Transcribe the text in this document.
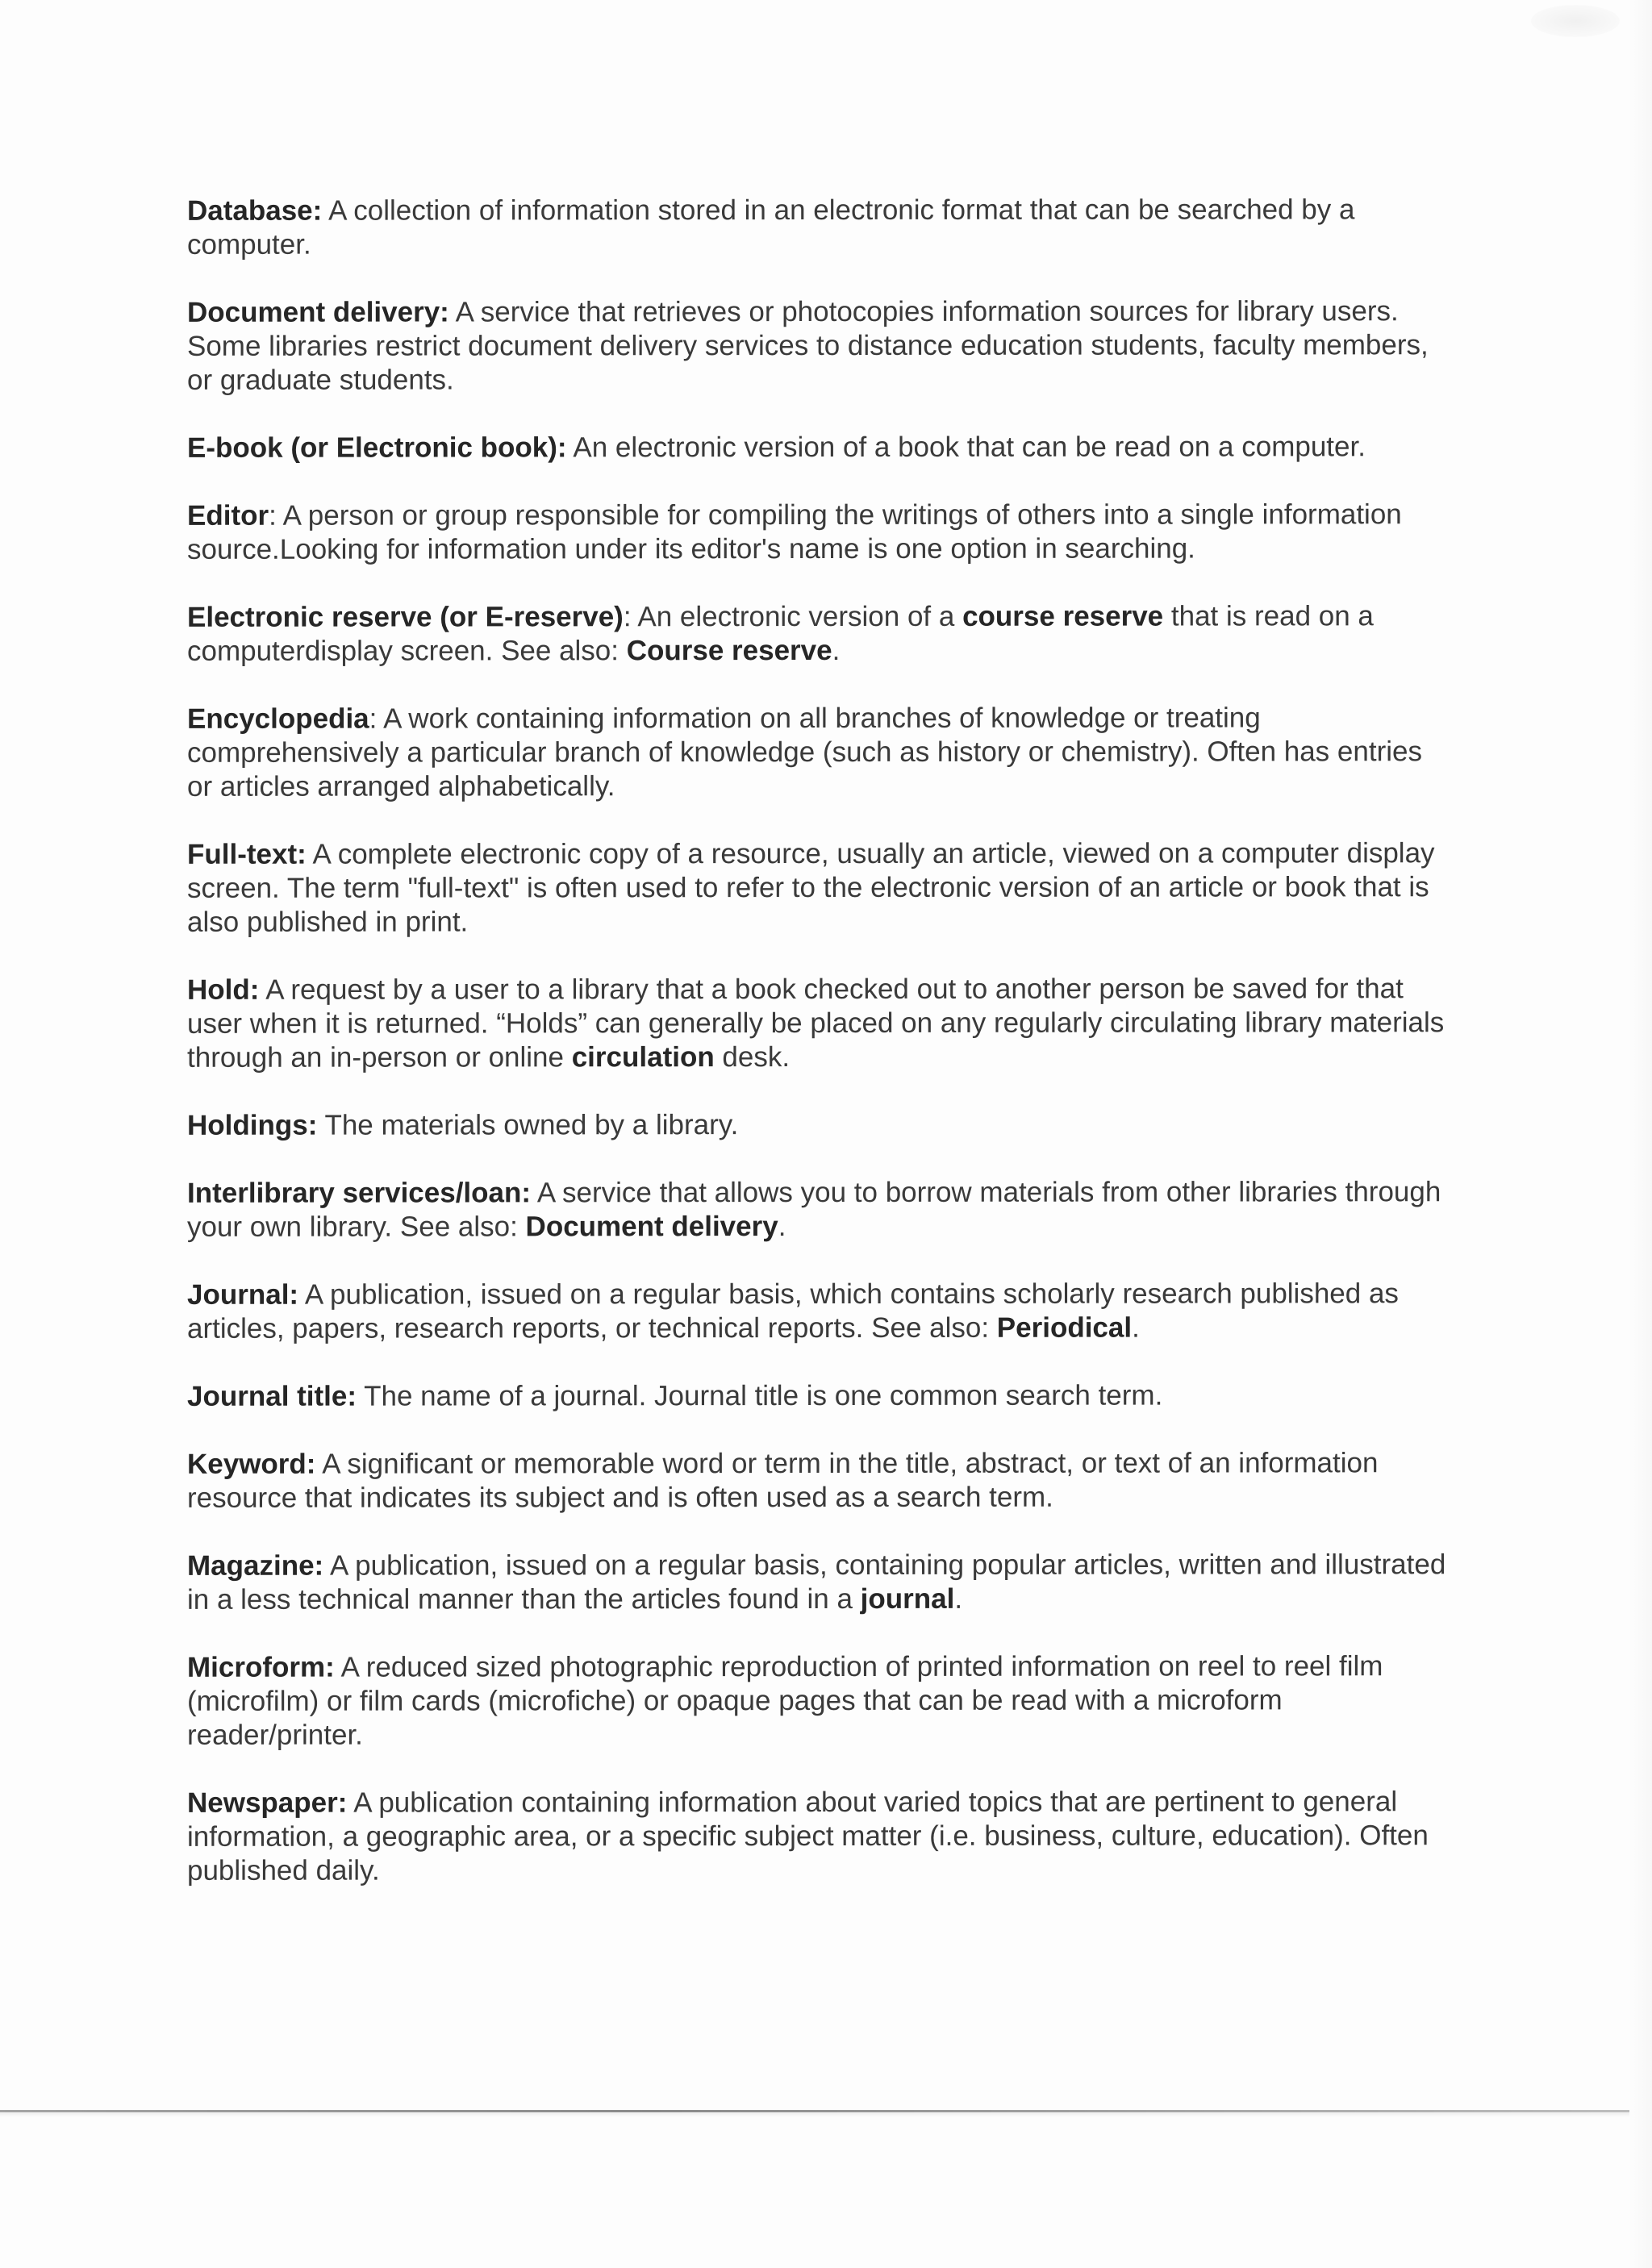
Database: A collection of information stored in an electronic format that can be searched by a computer.

Document delivery: A service that retrieves or photocopies information sources for library users. Some libraries restrict document delivery services to distance education students, faculty members, or graduate students.

E-book (or Electronic book): An electronic version of a book that can be read on a computer.

Editor: A person or group responsible for compiling the writings of others into a single information source.Looking for information under its editor's name is one option in searching.

Electronic reserve (or E-reserve): An electronic version of a course reserve that is read on a computerdisplay screen. See also: Course reserve.

Encyclopedia: A work containing information on all branches of knowledge or treating comprehensively a particular branch of knowledge (such as history or chemistry). Often has entries or articles arranged alphabetically.

Full-text: A complete electronic copy of a resource, usually an article, viewed on a computer display screen. The term "full-text" is often used to refer to the electronic version of an article or book that is also published in print.

Hold: A request by a user to a library that a book checked out to another person be saved for that user when it is returned. “Holds” can generally be placed on any regularly circulating library materials through an in-person or online circulation desk.

Holdings: The materials owned by a library.

Interlibrary services/loan: A service that allows you to borrow materials from other libraries through your own library. See also: Document delivery.

Journal: A publication, issued on a regular basis, which contains scholarly research published as articles, papers, research reports, or technical reports. See also: Periodical.

Journal title: The name of a journal. Journal title is one common search term.

Keyword: A significant or memorable word or term in the title, abstract, or text of an information resource that indicates its subject and is often used as a search term.

Magazine: A publication, issued on a regular basis, containing popular articles, written and illustrated in a less technical manner than the articles found in a journal.

Microform: A reduced sized photographic reproduction of printed information on reel to reel film (microfilm) or film cards (microfiche) or opaque pages that can be read with a microform reader/printer.

Newspaper: A publication containing information about varied topics that are pertinent to general information, a geographic area, or a specific subject matter (i.e. business, culture, education). Often published daily.
